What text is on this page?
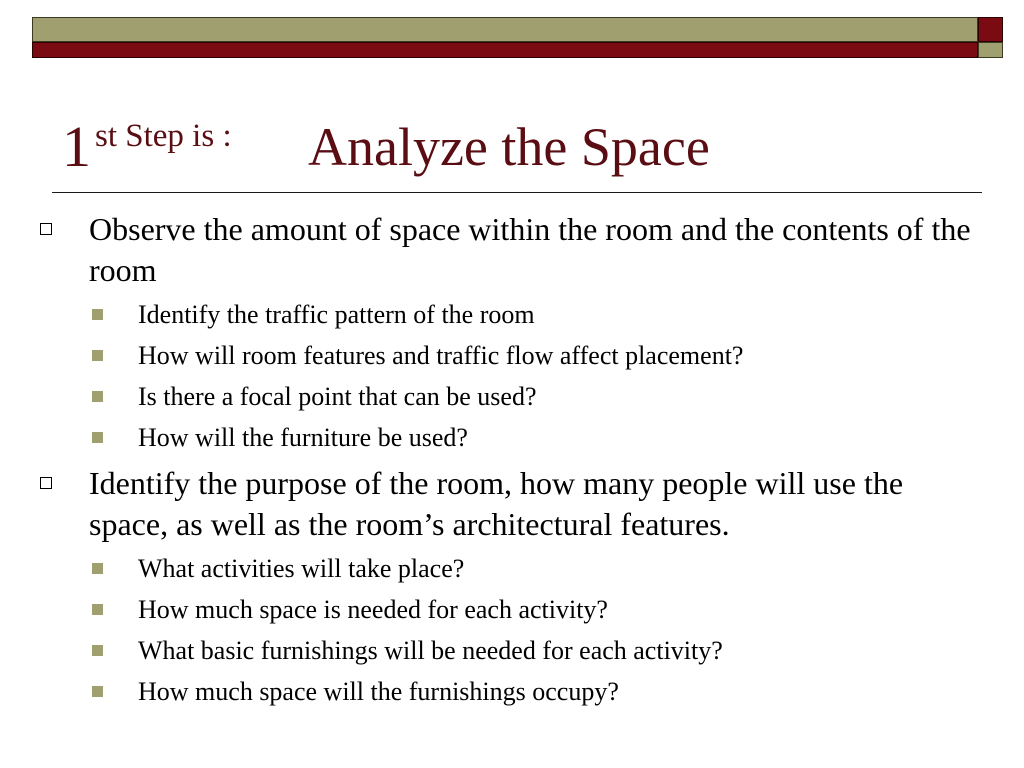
1 st Step is : Analyze the Space
Observe the amount of space within the room and the contents of the room
Identify the traffic pattern of the room
How will room features and traffic flow affect placement?
Is there a focal point that can be used?
How will the furniture be used?
Identify the purpose of the room, how many people will use the space, as well as the room’s architectural features.
What activities will take place?
How much space is needed for each activity?
What basic furnishings will be needed for each activity?
How much space will the furnishings occupy?
